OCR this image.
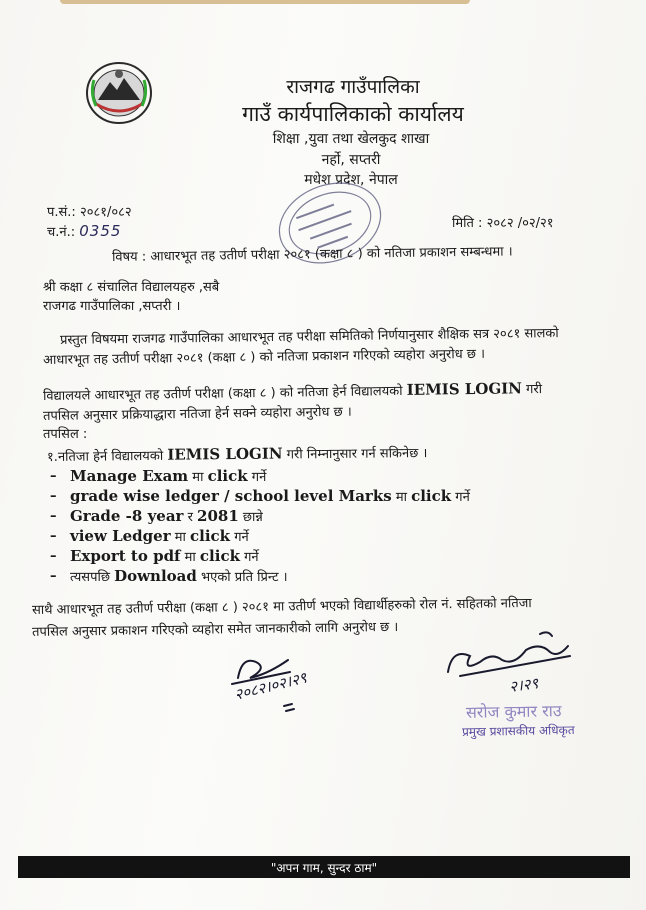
राजगढ गाउँपालिका
गाउँ कार्यपालिकाको कार्यालय
शिक्षा ,युवा तथा खेलकुद शाखा
नर्हो, सप्तरी
मधेश प्रदेश, नेपाल
प.सं.: २०८१/०८२
च.नं.: 0355	मिति : २०८२ /०२/२१
विषय : आधारभूत तह उतीर्ण परीक्षा २०८१ (कक्षा ८ ) को नतिजा प्रकाशन सम्बन्धमा ।
श्री कक्षा ८ संचालित विद्यालयहरु ,सबै
राजगढ गाउँपालिका ,सप्तरी ।
प्रस्तुत विषयमा राजगढ गाउँपालिका आधारभूत तह परीक्षा समितिको निर्णयानुसार शैक्षिक सत्र २०८१ सालको
आधारभूत तह उतीर्ण परीक्षा २०८१ (कक्षा ८ ) को नतिजा प्रकाशन गरिएको व्यहोरा अनुरोध छ ।
विद्यालयले आधारभूत तह उतीर्ण परीक्षा (कक्षा ८ ) को नतिजा हेर्न विद्यालयको IEMIS LOGIN गरी
तपसिल अनुसार प्रक्रियाद्धारा नतिजा हेर्न सक्ने व्यहोरा अनुरोध छ ।
तपसिल :
१.नतिजा हेर्न विद्यालयको IEMIS LOGIN गरी निम्नानुसार गर्न सकिनेछ ।
– Manage Exam मा click गर्ने
– grade wise ledger / school level Marks मा click गर्ने
– Grade -8 year र 2081 छान्ने
– view Ledger मा click गर्ने
– Export to pdf मा click गर्ने
–	त्यसपछि Download भएको प्रति प्रिन्ट ।
साथै आधारभूत तह उतीर्ण परीक्षा (कक्षा ८ ) २०८१ मा उतीर्ण भएको विद्यार्थीहरुको रोल नं. सहितको नतिजा
तपसिल अनुसार प्रकाशन गरिएको व्यहोरा समेत जानकारीको लागि अनुरोध छ ।
२०८२।०२।२९	२।२९
सरोज कुमार राउ
प्रमुख प्रशासकीय अधिकृत
"अपन गाम, सुन्दर ठाम"
